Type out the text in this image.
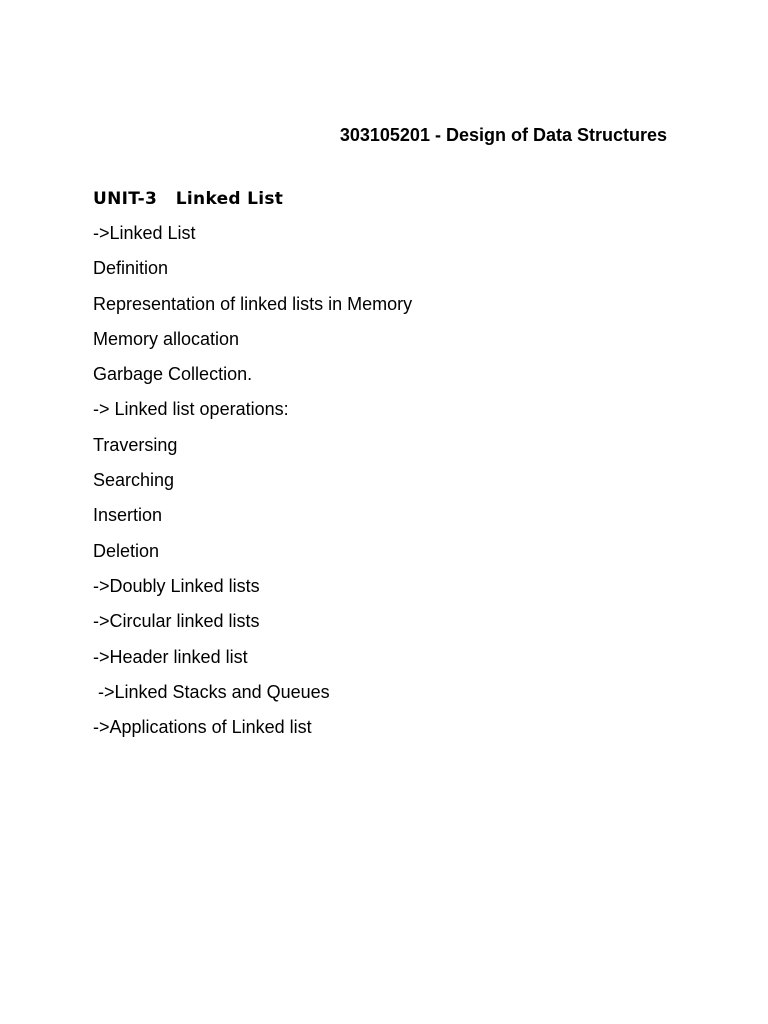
303105201 - Design of Data Structures
UNIT-3   Linked List
->Linked List
Definition
Representation of linked lists in Memory
Memory allocation
Garbage Collection.
-> Linked list operations:
Traversing
Searching
Insertion
Deletion
->Doubly Linked lists
->Circular linked lists
->Header linked list
->Linked Stacks and Queues
->Applications of Linked list
